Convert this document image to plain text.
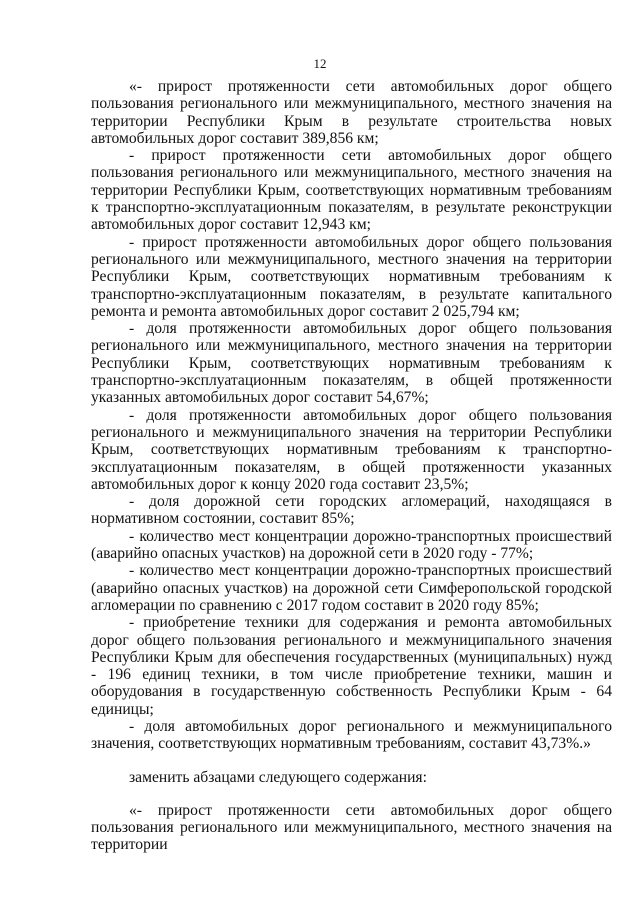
12

«- прирост протяженности сети автомобильных дорог общего пользования регионального или межмуниципального, местного значения на территории Республики Крым в результате строительства новых автомобильных дорог составит 389,856 км;

- прирост протяженности сети автомобильных дорог общего пользования регионального или межмуниципального, местного значения на территории Республики Крым, соответствующих нормативным требованиям к транспортно-эксплуатационным показателям, в результате реконструкции автомобильных дорог составит 12,943 км;

- прирост протяженности автомобильных дорог общего пользования регионального или межмуниципального, местного значения на территории Республики Крым, соответствующих нормативным требованиям к транспортно-эксплуатационным показателям, в результате капитального ремонта и ремонта автомобильных дорог составит 2 025,794 км;

- доля протяженности автомобильных дорог общего пользования регионального или межмуниципального, местного значения на территории Республики Крым, соответствующих нормативным требованиям к транспортно-эксплуатационным показателям, в общей протяженности указанных автомобильных дорог составит 54,67%;

- доля протяженности автомобильных дорог общего пользования регионального и межмуниципального значения на территории Республики Крым, соответствующих нормативным требованиям к транспортно-эксплуатационным показателям, в общей протяженности указанных автомобильных дорог к концу 2020 года составит 23,5%;

- доля дорожной сети городских агломераций, находящаяся в нормативном состоянии, составит 85%;

- количество мест концентрации дорожно-транспортных происшествий (аварийно опасных участков) на дорожной сети в 2020 году - 77%;

- количество мест концентрации дорожно-транспортных происшествий (аварийно опасных участков) на дорожной сети Симферопольской городской агломерации по сравнению с 2017 годом составит в 2020 году 85%;

- приобретение техники для содержания и ремонта автомобильных дорог общего пользования регионального и межмуниципального значения Республики Крым для обеспечения государственных (муниципальных) нужд - 196 единиц техники, в том числе приобретение техники, машин и оборудования в государственную собственность Республики Крым - 64 единицы;

- доля автомобильных дорог регионального и межмуниципального значения, соответствующих нормативным требованиям, составит 43,73%.»

заменить абзацами следующего содержания:

«- прирост протяженности сети автомобильных дорог общего пользования регионального или межмуниципального, местного значения на территории
